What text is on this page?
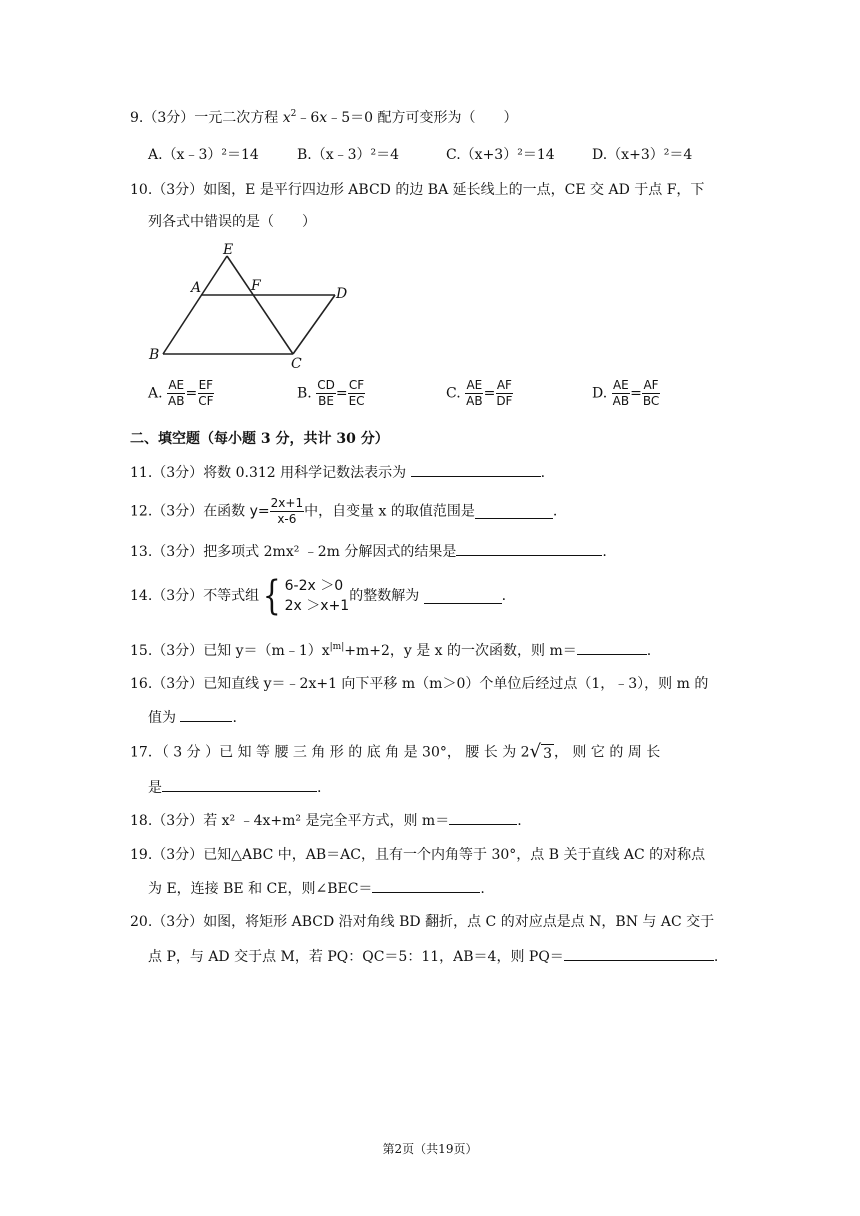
9.（3分）一元二次方程 $x^2﹣6x﹣5=0$ 配方可变形为（　　）
A.（x﹣3）²＝14	B.（x﹣3）²＝4	C.（x+3）²＝14	D.（x+3）²＝4
10.（3分）如图，E 是平行四边形 ABCD 的边 BA 延长线上的一点，CE 交 AD 于点 F，下
列各式中错误的是（　　）
E
A	F	D
B
C
A. $\frac{AE}{AB} = \frac{EF}{CF}$	B. $\frac{CD}{BE} = \frac{CF}{EC}$	C. $\frac{AE}{AB} = \frac{AF}{DF}$	D. $\frac{AE}{AB} = \frac{AF}{BC}$
二、填空题（每小题 3 分，共计 30 分）
11.（3分）将数 0.312 用科学记数法表示为	.
12.（3分）在函数 $y= \frac{2x+1}{x-6}$ 中，自变量 x 的取值范围是	.
13.（3分）把多项式 2mx² ﹣2m 分解因式的结果是	.
14.（3分）不等式组 { 6-2x ＞0
2x ＞x+1
的整数解为	.
15.（3分）已知 $y=(m﹣1)x^{|m|}+m+2$，y 是 x 的一次函数，则 m＝	.
16.（3分）已知直线 y＝﹣2x+1 向下平移 m（m＞0）个单位后经过点（1，﹣3），则 m 的
值为	.
17．（ 3 分 ）已 知 等 腰 三 角 形 的 底 角 是 30°， 腰 长 为 2 √ 3 ， 则 它 的 周 长
是	.
18.（3分）若 x² ﹣4x+m² 是完全平方式，则 m＝	.
19.（3分）已知△ABC 中，AB＝AC，且有一个内角等于 30°，点 B 关于直线 AC 的对称点
为 E，连接 BE 和 CE，则∠BEC＝	.
20.（3分）如图，将矩形 ABCD 沿对角线 BD 翻折，点 C 的对应点是点 N，BN 与 AC 交于
点 P，与 AD 交于点 M，若 PQ：QC＝5：11，AB＝4，则 PQ＝	.
第2页（共19页）
